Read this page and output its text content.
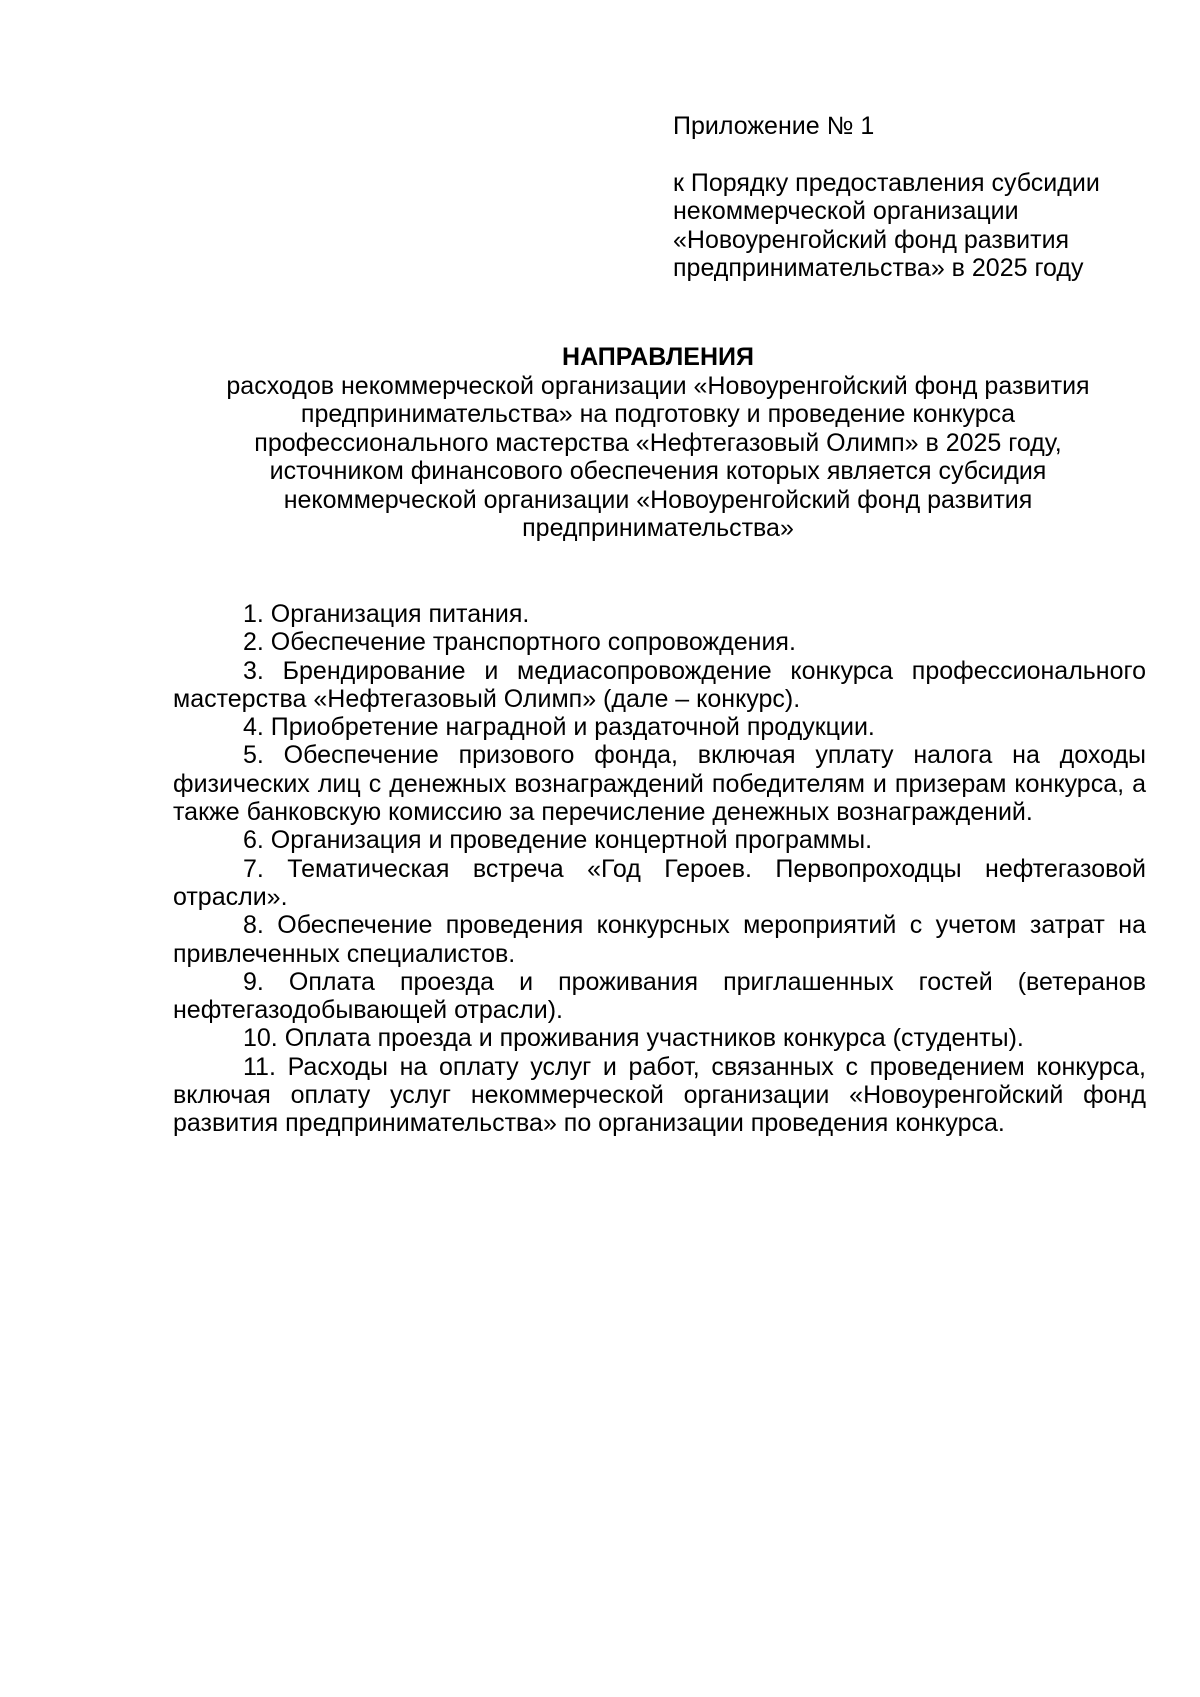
Приложение № 1

к Порядку предоставления субсидии некоммерческой организации «Новоуренгойский фонд развития предпринимательства» в 2025 году

НАПРАВЛЕНИЯ

расходов некоммерческой организации «Новоуренгойский фонд развития предпринимательства» на подготовку и проведение конкурса профессионального мастерства «Нефтегазовый Олимп» в 2025 году, источником финансового обеспечения которых является субсидия некоммерческой организации «Новоуренгойский фонд развития предпринимательства»

1. Организация питания.
2. Обеспечение транспортного сопровождения.
3. Брендирование и медиасопровождение конкурса профессионального мастерства «Нефтегазовый Олимп» (дале – конкурс).
4. Приобретение наградной и раздаточной продукции.
5. Обеспечение призового фонда, включая уплату налога на доходы физических лиц с денежных вознаграждений победителям и призерам конкурса, а также банковскую комиссию за перечисление денежных вознаграждений.
6. Организация и проведение концертной программы.
7. Тематическая встреча «Год Героев. Первопроходцы нефтегазовой отрасли».
8. Обеспечение проведения конкурсных мероприятий с учетом затрат на привлеченных специалистов.
9. Оплата проезда и проживания приглашенных гостей (ветеранов нефтегазодобывающей отрасли).
10. Оплата проезда и проживания участников конкурса (студенты).
11. Расходы на оплату услуг и работ, связанных с проведением конкурса, включая оплату услуг некоммерческой организации «Новоуренгойский фонд развития предпринимательства» по организации проведения конкурса.
